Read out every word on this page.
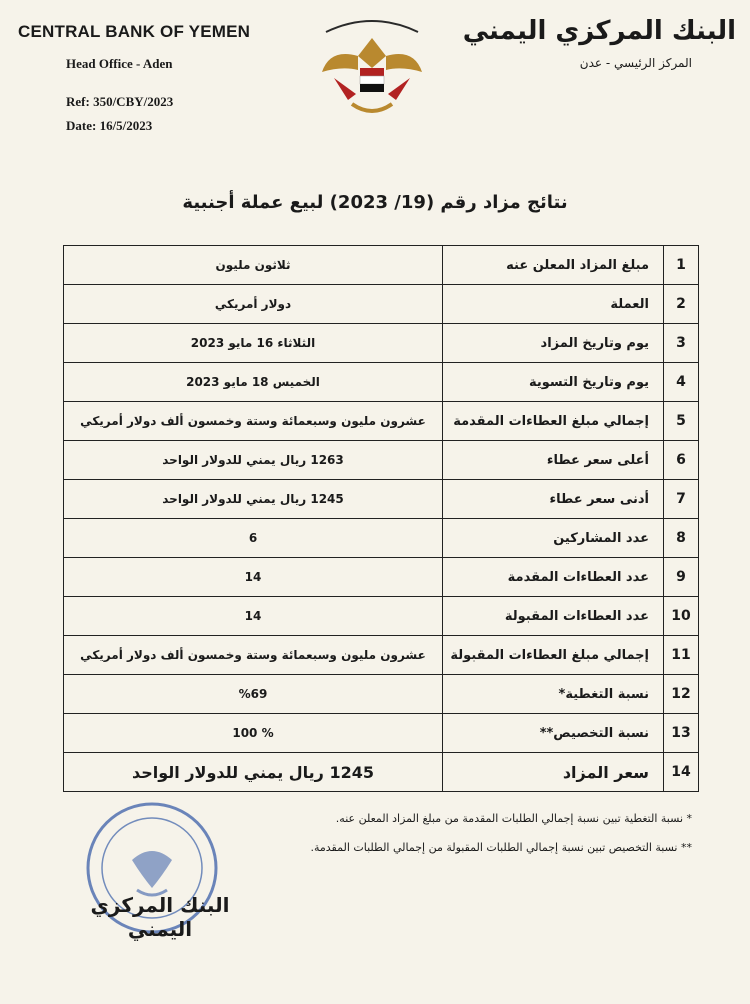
CENTRAL BANK OF YEMEN
Head Office - Aden
Ref: 350/CBY/2023
Date: 16/5/2023
البنك المركزي اليمني
المركز الرئيسي - عدن
نتائج مزاد رقم (19/ 2023) لبيع عملة أجنبية
1	مبلغ المزاد المعلن عنه	ثلاثون مليون
2	العملة	دولار أمريكي
3	يوم وتاريخ المزاد	الثلاثاء 16 مايو 2023
4	يوم وتاريخ التسوية	الخميس 18 مايو 2023
5	إجمالي مبلغ العطاءات المقدمة	عشرون مليون وسبعمائة وستة وخمسون ألف دولار أمريكي
6	أعلى سعر عطاء	1263 ريال يمني للدولار الواحد
7	أدنى سعر عطاء	1245 ريال يمني للدولار الواحد
8	عدد المشاركين	6
9	عدد العطاءات المقدمة	14
10	عدد العطاءات المقبولة	14
11	إجمالي مبلغ العطاءات المقبولة	عشرون مليون وسبعمائة وستة وخمسون ألف دولار أمريكي
12	نسبة التغطية*	%69
13	نسبة التخصيص**	% 100
14	سعر المزاد	1245 ريال يمني للدولار الواحد
* نسبة التغطية تبين نسبة إجمالي الطلبات المقدمة من مبلغ المزاد المعلن عنه.
** نسبة التخصيص تبين نسبة إجمالي الطلبات المقبولة من إجمالي الطلبات المقدمة.
البنك المركزي اليمني
